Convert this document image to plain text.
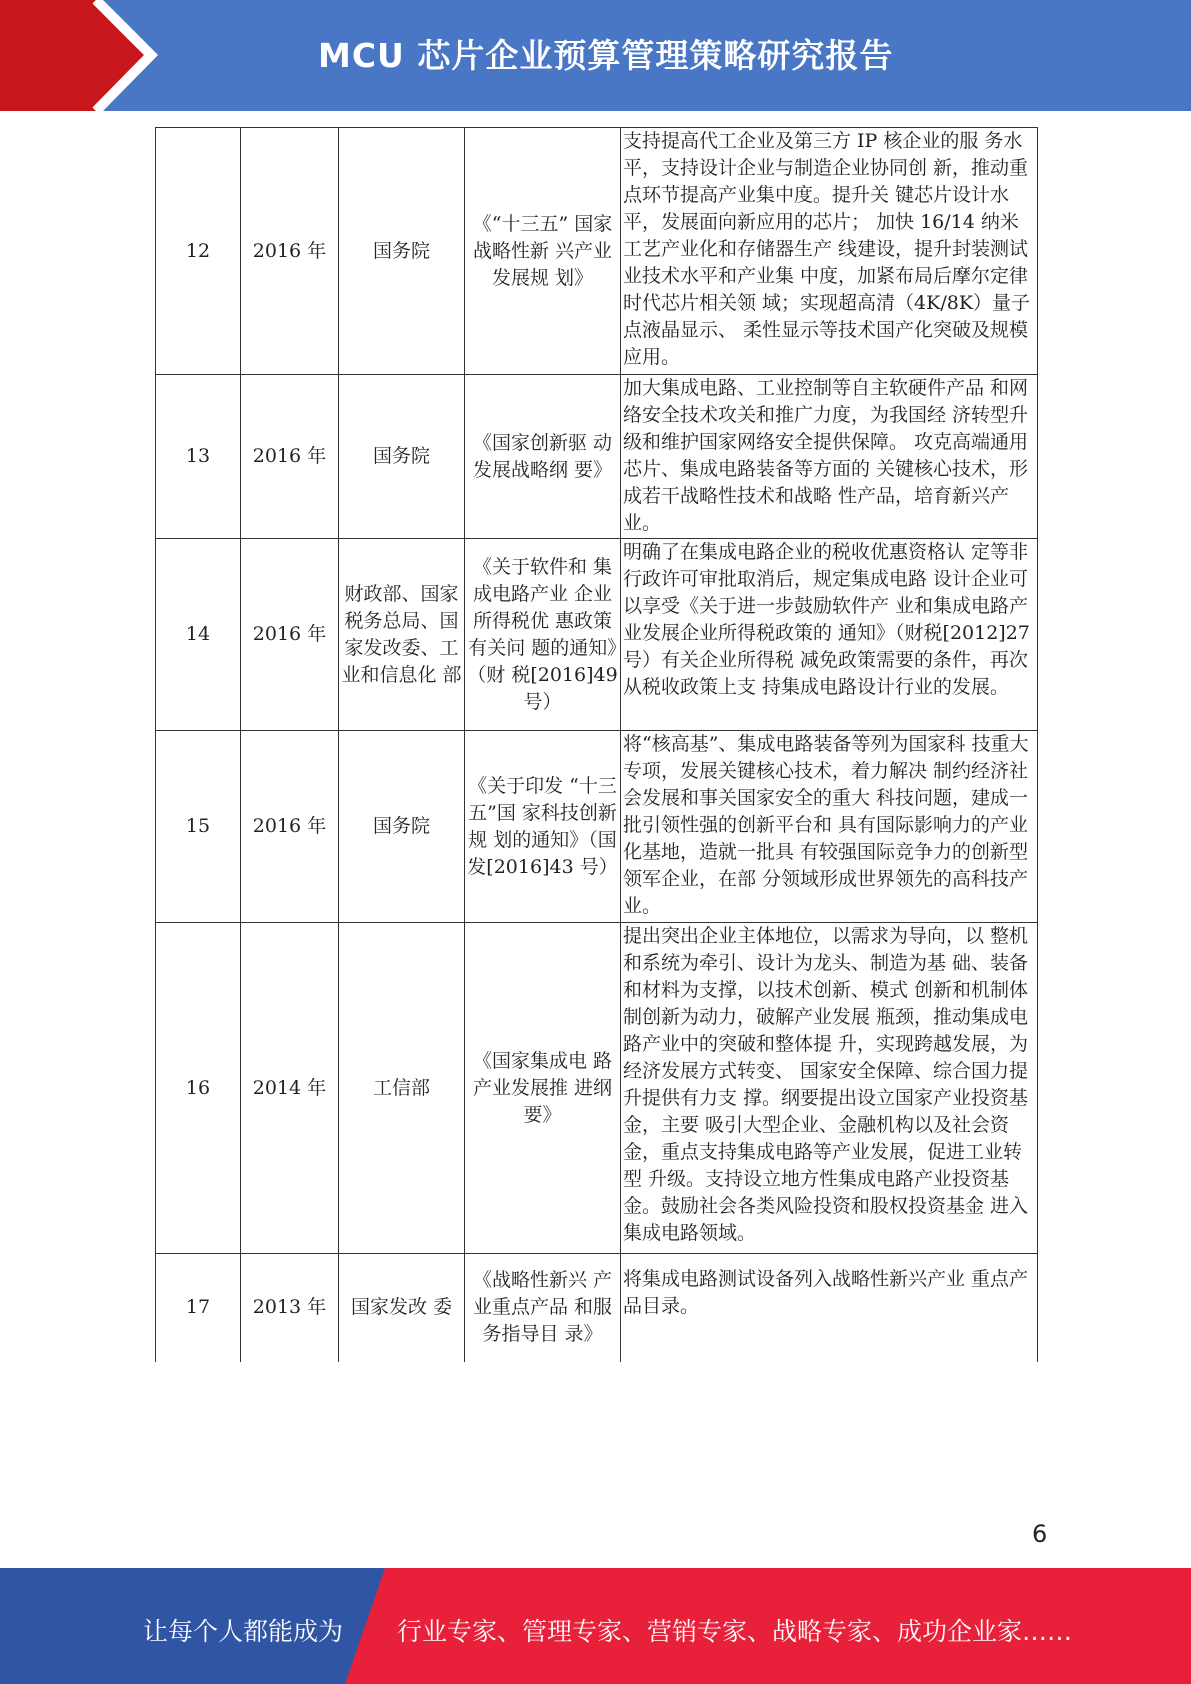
MCU 芯片企业预算管理策略研究报告
12	2016 年	国务院	《“十三五” 国家战略性新 兴产业发展规 划》	支持提高代工企业及第三方 IP 核企业的服 务水平，支持设计企业与制造企业协同创 新，推动重点环节提高产业集中度。提升关 键芯片设计水平，发展面向新应用的芯片； 加快 16/14 纳米工艺产业化和存储器生产 线建设，提升封装测试业技术水平和产业集 中度，加紧布局后摩尔定律时代芯片相关领 域；实现超高清（4K/8K）量子点液晶显示、 柔性显示等技术国产化突破及规模应用。
13	2016 年	国务院	《国家创新驱 动发展战略纲 要》	加大集成电路、工业控制等自主软硬件产品 和网络安全技术攻关和推广力度，为我国经 济转型升级和维护国家网络安全提供保障。 攻克高端通用芯片、集成电路装备等方面的 关键核心技术，形成若干战略性技术和战略 性产品，培育新兴产业。
14	2016 年	财政部、国家税务总局、国家发改委、工业和信息化 部	《关于软件和 集成电路产业 企业所得税优 惠政策有关问 题的通知》（财 税[2016]49 号）	明确了在集成电路企业的税收优惠资格认 定等非行政许可审批取消后，规定集成电路 设计企业可以享受《关于进一步鼓励软件产 业和集成电路产业发展企业所得税政策的 通知》（财税[2012]27 号）有关企业所得税 减免政策需要的条件，再次从税收政策上支 持集成电路设计行业的发展。
15	2016 年	国务院	《关于印发 “十三五”国 家科技创新规 划的通知》（国 发[2016]43 号）	将“核高基”、集成电路装备等列为国家科 技重大专项，发展关键核心技术，着力解决 制约经济社会发展和事关国家安全的重大 科技问题，建成一批引领性强的创新平台和 具有国际影响力的产业化基地，造就一批具 有较强国际竞争力的创新型领军企业，在部 分领域形成世界领先的高科技产业。
16	2014 年	工信部	《国家集成电 路产业发展推 进纲要》	提出突出企业主体地位，以需求为导向，以 整机和系统为牵引、设计为龙头、制造为基 础、装备和材料为支撑，以技术创新、模式 创新和机制体制创新为动力，破解产业发展 瓶颈，推动集成电路产业中的突破和整体提 升，实现跨越发展，为经济发展方式转变、 国家安全保障、综合国力提升提供有力支 撑。纲要提出设立国家产业投资基金，主要 吸引大型企业、金融机构以及社会资金，重点支持集成电路等产业发展，促进工业转型 升级。支持设立地方性集成电路产业投资基 金。鼓励社会各类风险投资和股权投资基金 进入集成电路领域。
17	2013 年	国家发改 委	《战略性新兴 产业重点产品 和服务指导目 录》	将集成电路测试设备列入战略性新兴产业 重点产品目录。
6
让每个人都能成为 行业专家、管理专家、营销专家、战略专家、成功企业家……
